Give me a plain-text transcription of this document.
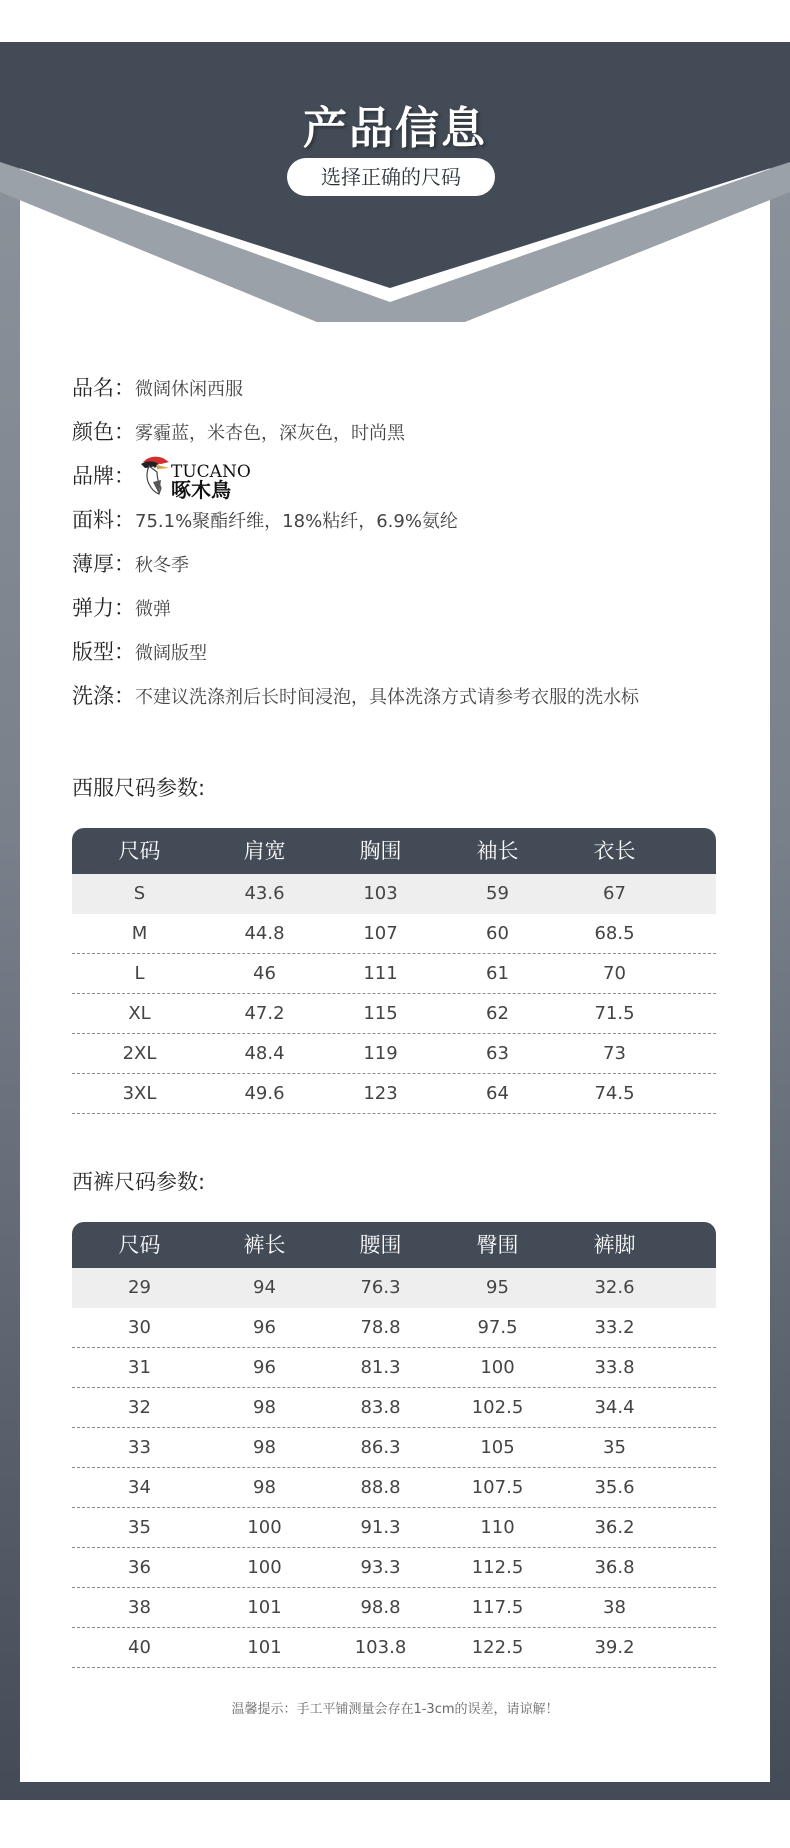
产品信息
选择正确的尺码
品名：微阔休闲西服
颜色：雾霾蓝，米杏色，深灰色，时尚黑
品牌： TUCANO
啄木鳥
面料：75.1%聚酯纤维，18%粘纤，6.9%氨纶
薄厚：秋冬季
弹力：微弹
版型：微阔版型
洗涤：不建议洗涤剂后长时间浸泡，具体洗涤方式请参考衣服的洗水标
西服尺码参数:
尺码	肩宽	胸围	袖长	衣长
S	43.6	103	59	67
M	44.8	107	60	68.5
L	46	111	61	70
XL	47.2	115	62	71.5
2XL	48.4	119	63	73
3XL	49.6	123	64	74.5
西裤尺码参数:
尺码	裤长	腰围	臀围	裤脚
29	94	76.3	95	32.6
30	96	78.8	97.5	33.2
31	96	81.3	100	33.8
32	98	83.8	102.5	34.4
33	98	86.3	105	35
34	98	88.8	107.5	35.6
35	100	91.3	110	36.2
36	100	93.3	112.5	36.8
38	101	98.8	117.5	38
40	101	103.8	122.5	39.2
温馨提示：手工平铺测量会存在1-3cm的误差，请谅解！
